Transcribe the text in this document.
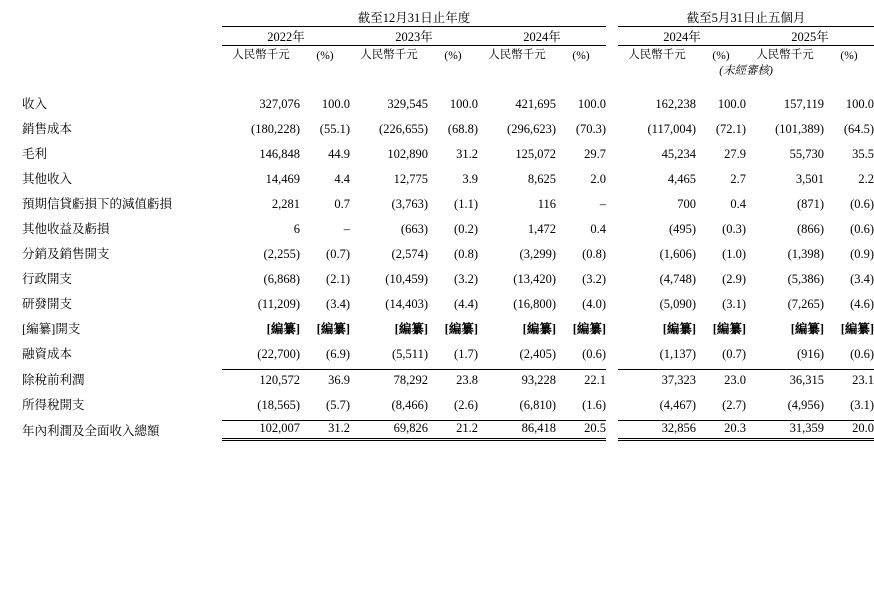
	截至12月31日止年度							截至5月31日止五個月			
	2022年		2023年		2024年			2024年		2025年	
	人民幣千元	(%)	人民幣千元	(%)	人民幣千元	(%)		人民幣千元	(%)	人民幣千元	(%)
								(未經審核)			

收入	327,076	100.0	329,545	100.0	421,695	100.0		162,238	100.0	157,119	100.0

銷售成本	(180,228)	(55.1)	(226,655)	(68.8)	(296,623)	(70.3)		(117,004)	(72.1)	(101,389)	(64.5)

毛利	146,848	44.9	102,890	31.2	125,072	29.7		45,234	27.9	55,730	35.5

其他收入	14,469	4.4	12,775	3.9	8,625	2.0		4,465	2.7	3,501	2.2

預期信貸虧損下的減值虧損	2,281	0.7	(3,763)	(1.1)	116	–		700	0.4	(871)	(0.6)

其他收益及虧損	6	–	(663)	(0.2)	1,472	0.4		(495)	(0.3)	(866)	(0.6)

分銷及銷售開支	(2,255)	(0.7)	(2,574)	(0.8)	(3,299)	(0.8)		(1,606)	(1.0)	(1,398)	(0.9)

行政開支	(6,868)	(2.1)	(10,459)	(3.2)	(13,420)	(3.2)		(4,748)	(2.9)	(5,386)	(3.4)

研發開支	(11,209)	(3.4)	(14,403)	(4.4)	(16,800)	(4.0)		(5,090)	(3.1)	(7,265)	(4.6)

[編纂]開支	[編纂]	[編纂]	[編纂]	[編纂]	[編纂]	[編纂]		[編纂]	[編纂]	[編纂]	[編纂]

融資成本	(22,700)	(6.9)	(5,511)	(1.7)	(2,405)	(0.6)		(1,137)	(0.7)	(916)	(0.6)

除稅前利潤	120,572	36.9	78,292	23.8	93,228	22.1		37,323	23.0	36,315	23.1

所得稅開支	(18,565)	(5.7)	(8,466)	(2.6)	(6,810)	(1.6)		(4,467)	(2.7)	(4,956)	(3.1)

年內利潤及全面收入總額	102,007	31.2	69,826	21.2	86,418	20.5		32,856	20.3	31,359	20.0
